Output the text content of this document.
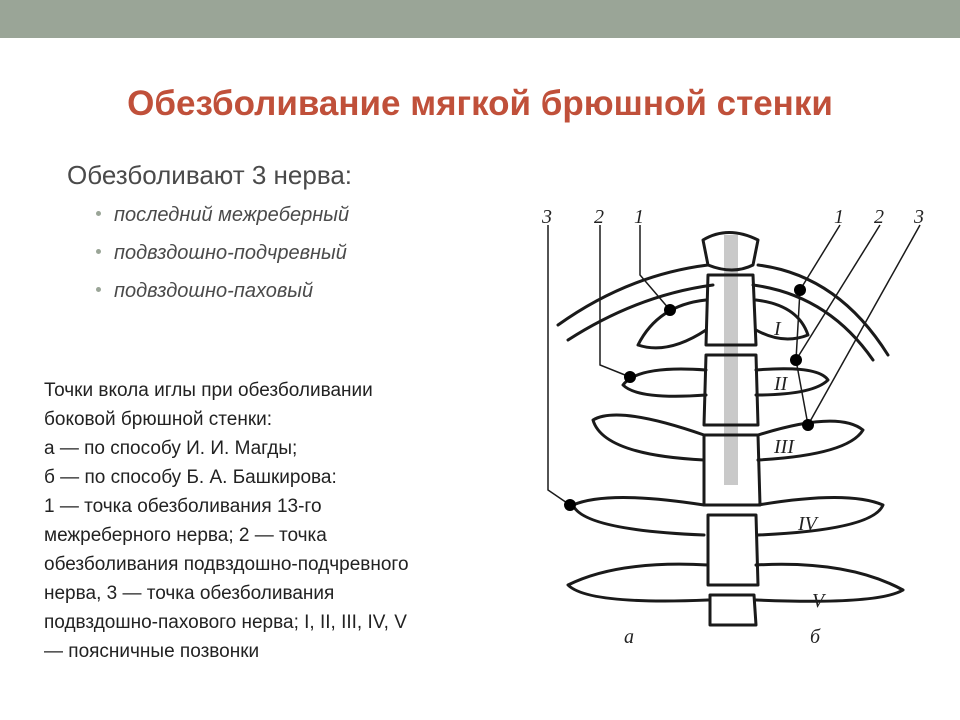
Обезболивание мягкой брюшной стенки
Обезболивают 3 нерва:
последний межреберный
подвздошно-подчревный
подвздошно-паховый
Точки вкола иглы при обезболивании
боковой брюшной стенки:
а — по способу И. И. Магды;
б — по способу Б. А. Башкирова:
1 — точка обезболивания 13-го
межреберного нерва; 2 — точка
обезболивания подвздошно-подчревного
нерва, 3 — точка обезболивания
подвздошно-пахового нерва; I, II, III, IV, V
— поясничные позвонки
3 2 1	1 2 3
I
II
III
IV
V
а	б
